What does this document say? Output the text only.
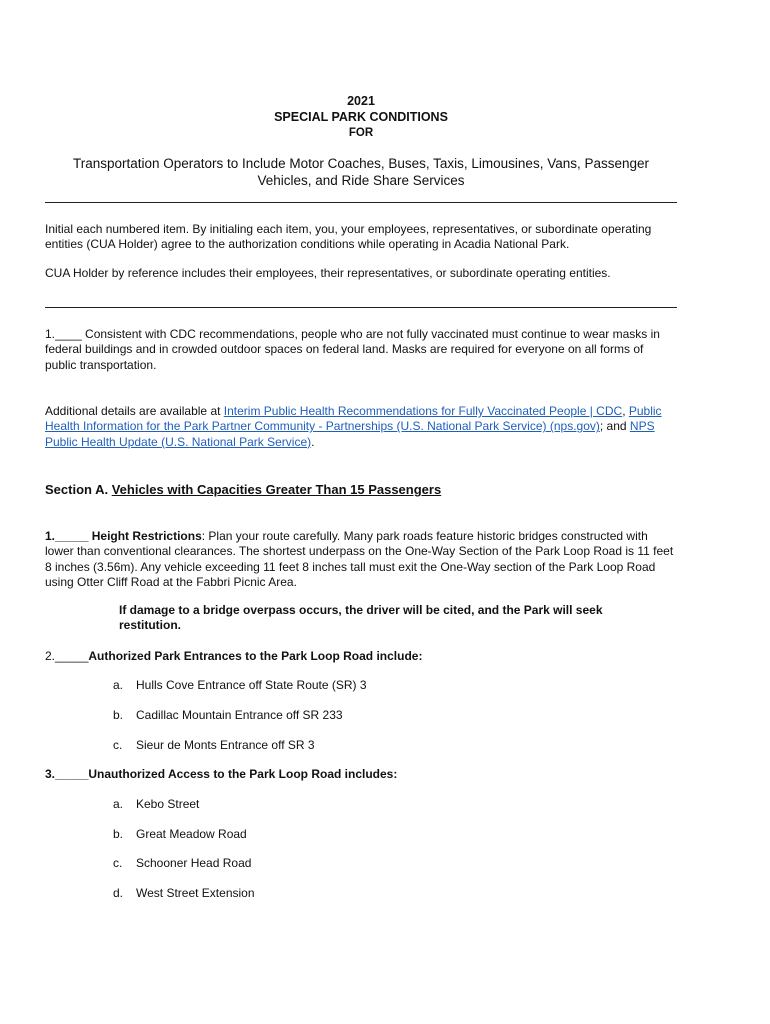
2021

SPECIAL PARK CONDITIONS

FOR

Transportation Operators to Include Motor Coaches, Buses, Taxis, Limousines, Vans, Passenger Vehicles, and Ride Share Services

Initial each numbered item. By initialing each item, you, your employees, representatives, or subordinate operating entities (CUA Holder) agree to the authorization conditions while operating in Acadia National Park.

CUA Holder by reference includes their employees, their representatives, or subordinate operating entities.

1.____ Consistent with CDC recommendations, people who are not fully vaccinated must continue to wear masks in federal buildings and in crowded outdoor spaces on federal land. Masks are required for everyone on all forms of public transportation.

Additional details are available at Interim Public Health Recommendations for Fully Vaccinated People | CDC, Public Health Information for the Park Partner Community - Partnerships (U.S. National Park Service) (nps.gov); and NPS Public Health Update (U.S. National Park Service).

Section A. Vehicles with Capacities Greater Than 15 Passengers

1._____ Height Restrictions: Plan your route carefully. Many park roads feature historic bridges constructed with lower than conventional clearances. The shortest underpass on the One-Way Section of the Park Loop Road is 11 feet 8 inches (3.56m). Any vehicle exceeding 11 feet 8 inches tall must exit the One-Way section of the Park Loop Road using Otter Cliff Road at the Fabbri Picnic Area.

If damage to a bridge overpass occurs, the driver will be cited, and the Park will seek restitution.

2._____Authorized Park Entrances to the Park Loop Road include:

a. Hulls Cove Entrance off State Route (SR) 3

b. Cadillac Mountain Entrance off SR 233

c. Sieur de Monts Entrance off SR 3

3._____Unauthorized Access to the Park Loop Road includes:

a. Kebo Street

b. Great Meadow Road

c. Schooner Head Road

d. West Street Extension
